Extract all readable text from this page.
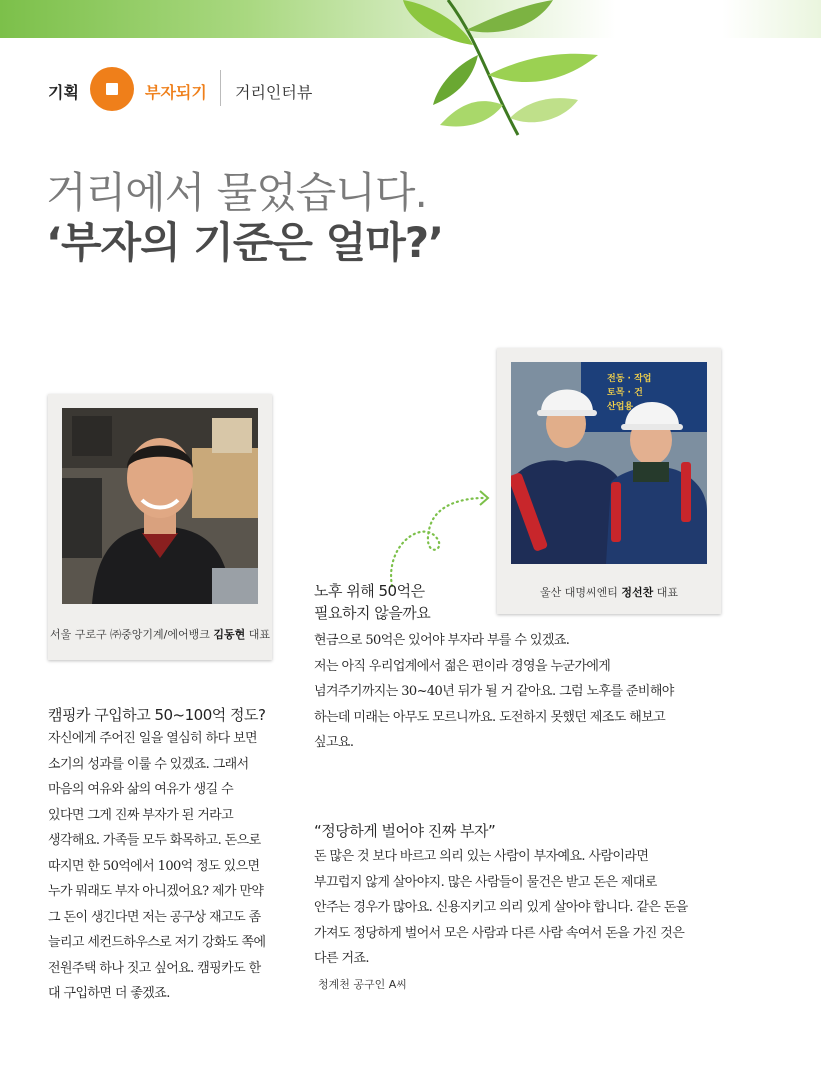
기획	부자되기 거리인터뷰
거리에서 물었습니다.
‘부자의 기준은 얼마?’
서울 구로구 ㈜중앙기계/에어뱅크 김동현 대표
전동 · 작업
토목 · 건
산업용
울산 대명씨엔티 정선찬 대표
캠핑카 구입하고 50~100억 정도?
자신에게 주어진 일을 열심히 하다 보면
소기의 성과를 이룰 수 있겠죠. 그래서
마음의 여유와 삶의 여유가 생길 수
있다면 그게 진짜 부자가 된 거라고
생각해요. 가족들 모두 화목하고. 돈으로
따지면 한 50억에서 100억 정도 있으면
누가 뭐래도 부자 아니겠어요? 제가 만약
그 돈이 생긴다면 저는 공구상 재고도 좀
늘리고 세컨드하우스로 저기 강화도 쪽에
전원주택 하나 짓고 싶어요. 캠핑카도 한
대 구입하면 더 좋겠죠.
노후 위해 50억은
필요하지 않을까요
현금으로 50억은 있어야 부자라 부를 수 있겠죠.
저는 아직 우리업계에서 젊은 편이라 경영을 누군가에게
넘겨주기까지는 30~40년 뒤가 될 거 같아요. 그럼 노후를 준비해야
하는데 미래는 아무도 모르니까요. 도전하지 못했던 제조도 해보고
싶고요.
“정당하게 벌어야 진짜 부자”
돈 많은 것 보다 바르고 의리 있는 사람이 부자예요. 사람이라면
부끄럽지 않게 살아야지. 많은 사람들이 물건은 받고 돈은 제대로
안주는 경우가 많아요. 신용지키고 의리 있게 살아야 합니다. 같은 돈을
가져도 정당하게 벌어서 모은 사람과 다른 사람 속여서 돈을 가진 것은
다른 거죠.
청계천 공구인 A씨
